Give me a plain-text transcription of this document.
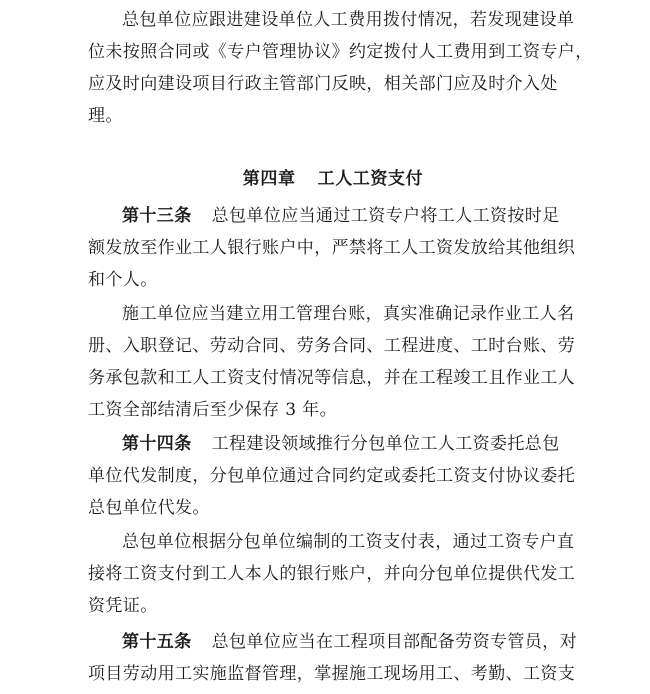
总包单位应跟进建设单位人工费用拨付情况，若发现建设单
位未按照合同或《专户管理协议》约定拨付人工费用到工资专户，
应及时向建设项目行政主管部门反映，相关部门应及时介入处
理。

第四章 工人工资支付

第十三条 总包单位应当通过工资专户将工人工资按时足
额发放至作业工人银行账户中，严禁将工人工资发放给其他组织
和个人。

施工单位应当建立用工管理台账，真实准确记录作业工人名
册、入职登记、劳动合同、劳务合同、工程进度、工时台账、劳
务承包款和工人工资支付情况等信息，并在工程竣工且作业工人
工资全部结清后至少保存 3 年。

第十四条 工程建设领域推行分包单位工人工资委托总包
单位代发制度，分包单位通过合同约定或委托工资支付协议委托
总包单位代发。

总包单位根据分包单位编制的工资支付表，通过工资专户直
接将工资支付到工人本人的银行账户，并向分包单位提供代发工
资凭证。

第十五条 总包单位应当在工程项目部配备劳资专管员，对
项目劳动用工实施监督管理，掌握施工现场用工、考勤、工资支
